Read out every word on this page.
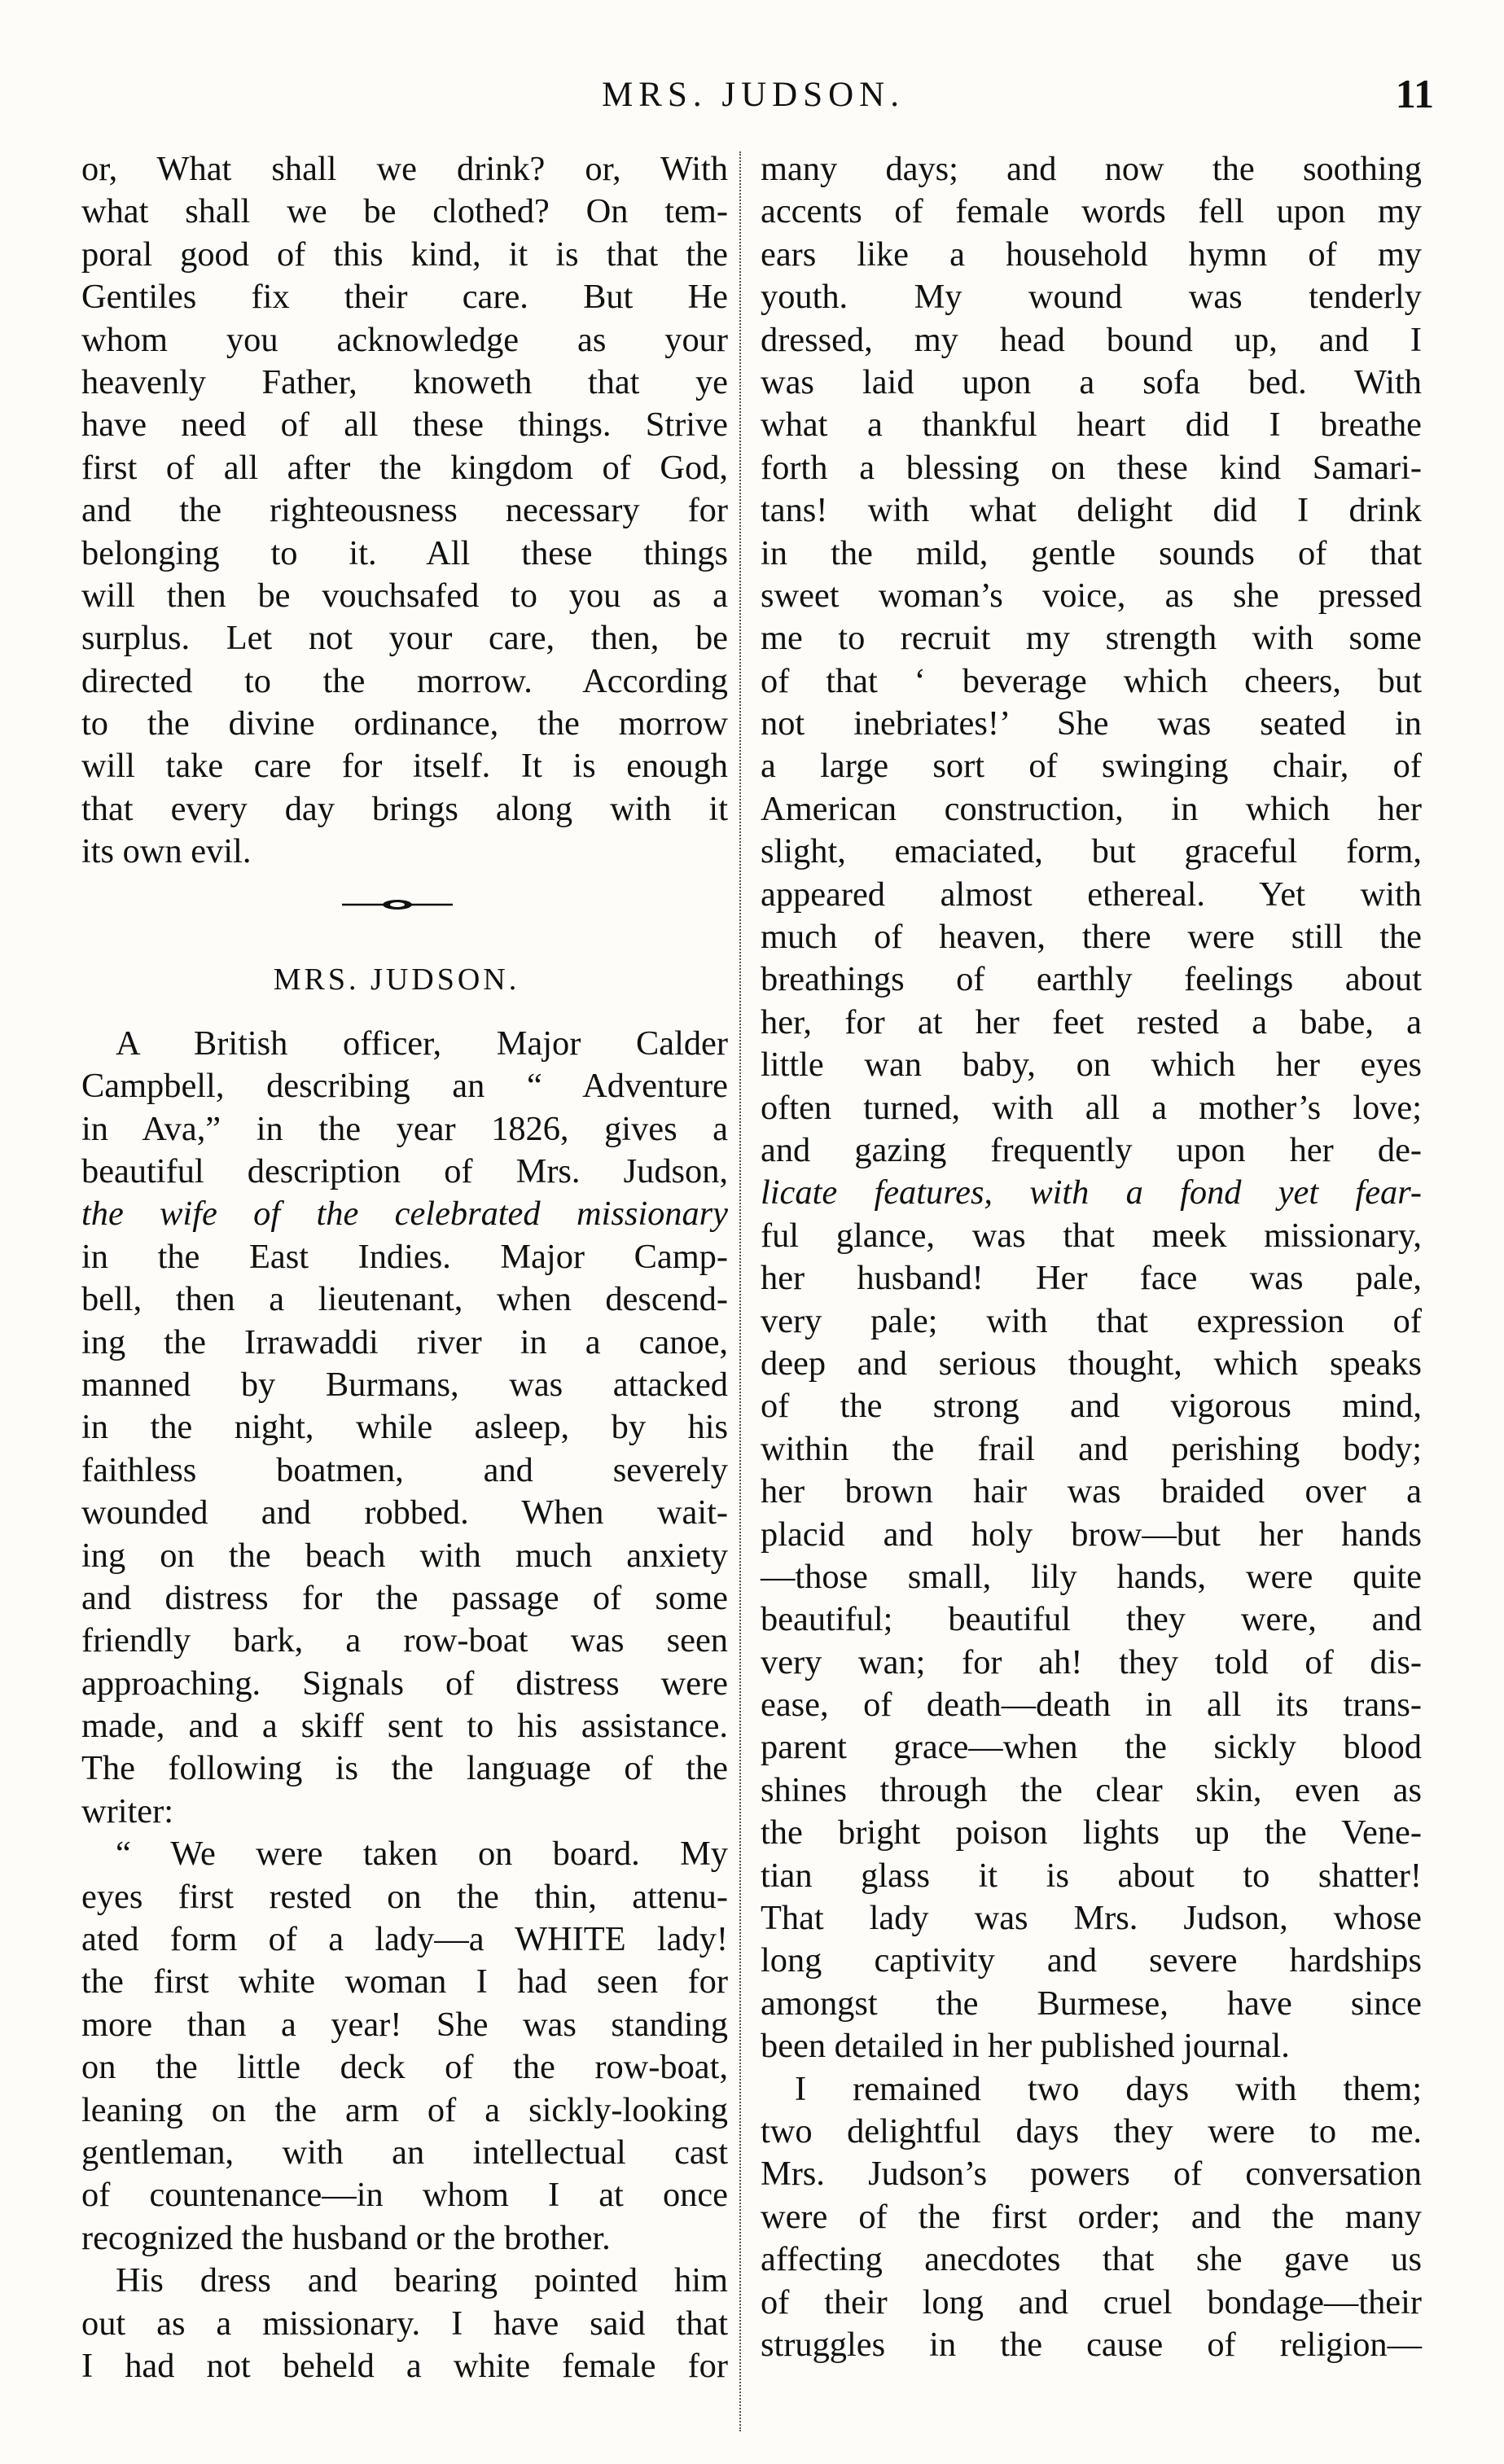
MRS. JUDSON.	11
or, What shall we drink? or, With
what shall we be clothed? On tem-
poral good of this kind, it is that the
Gentiles fix their care. But He
whom you acknowledge as your
heavenly Father, knoweth that ye
have need of all these things. Strive
first of all after the kingdom of God,
and the righteousness necessary for
belonging to it. All these things
will then be vouchsafed to you as a
surplus. Let not your care, then, be
directed to the morrow. According
to the divine ordinance, the morrow
will take care for itself. It is enough
that every day brings along with it
its own evil.
MRS. JUDSON.
A British officer, Major Calder
Campbell, describing an “ Adventure
in Ava,” in the year 1826, gives a
beautiful description of Mrs. Judson,
the wife of the celebrated missionary
in the East Indies. Major Camp-
bell, then a lieutenant, when descend-
ing the Irrawaddi river in a canoe,
manned by Burmans, was attacked
in the night, while asleep, by his
faithless boatmen, and severely
wounded and robbed. When wait-
ing on the beach with much anxiety
and distress for the passage of some
friendly bark, a row-boat was seen
approaching. Signals of distress were
made, and a skiff sent to his assistance.
The following is the language of the
writer:
“ We were taken on board. My
eyes first rested on the thin, attenu-
ated form of a lady—a WHITE lady!
the first white woman I had seen for
more than a year! She was standing
on the little deck of the row-boat,
leaning on the arm of a sickly-looking
gentleman, with an intellectual cast
of countenance—in whom I at once
recognized the husband or the brother.
His dress and bearing pointed him
out as a missionary. I have said that
I had not beheld a white female for
many days; and now the soothing
accents of female words fell upon my
ears like a household hymn of my
youth. My wound was tenderly
dressed, my head bound up, and I
was laid upon a sofa bed. With
what a thankful heart did I breathe
forth a blessing on these kind Samari-
tans! with what delight did I drink
in the mild, gentle sounds of that
sweet woman’s voice, as she pressed
me to recruit my strength with some
of that ‘ beverage which cheers, but
not inebriates!’ She was seated in
a large sort of swinging chair, of
American construction, in which her
slight, emaciated, but graceful form,
appeared almost ethereal. Yet with
much of heaven, there were still the
breathings of earthly feelings about
her, for at her feet rested a babe, a
little wan baby, on which her eyes
often turned, with all a mother’s love;
and gazing frequently upon her de-
licate features, with a fond yet fear-
ful glance, was that meek missionary,
her husband! Her face was pale,
very pale; with that expression of
deep and serious thought, which speaks
of the strong and vigorous mind,
within the frail and perishing body;
her brown hair was braided over a
placid and holy brow—but her hands
—those small, lily hands, were quite
beautiful; beautiful they were, and
very wan; for ah! they told of dis-
ease, of death—death in all its trans-
parent grace—when the sickly blood
shines through the clear skin, even as
the bright poison lights up the Vene-
tian glass it is about to shatter!
That lady was Mrs. Judson, whose
long captivity and severe hardships
amongst the Burmese, have since
been detailed in her published journal.
I remained two days with them;
two delightful days they were to me.
Mrs. Judson’s powers of conversation
were of the first order; and the many
affecting anecdotes that she gave us
of their long and cruel bondage—their
struggles in the cause of religion—
